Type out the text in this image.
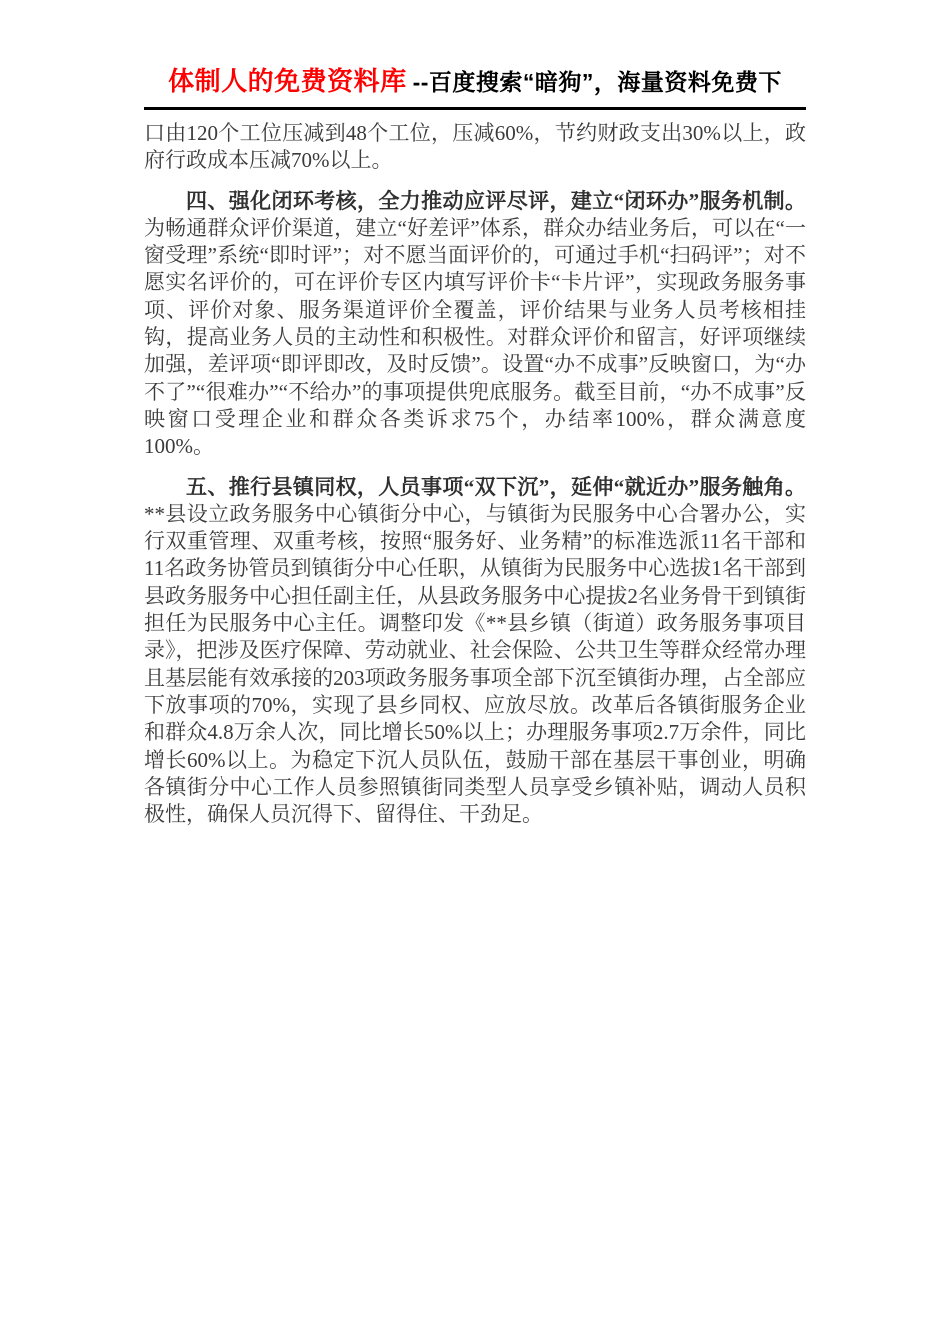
体制人的免费资料库 --百度搜索“暗狗”，海量资料免费下

口由120个工位压减到48个工位，压减60%，节约财政支出30%以上，政府行政成本压减70%以上。

四、强化闭环考核，全力推动应评尽评，建立“闭环办”服务机制。为畅通群众评价渠道，建立“好差评”体系，群众办结业务后，可以在“一窗受理”系统“即时评”；对不愿当面评价的，可通过手机“扫码评”；对不愿实名评价的，可在评价专区内填写评价卡“卡片评”，实现政务服务事项、评价对象、服务渠道评价全覆盖，评价结果与业务人员考核相挂钩，提高业务人员的主动性和积极性。对群众评价和留言，好评项继续加强，差评项“即评即改，及时反馈”。设置“办不成事”反映窗口，为“办不了”“很难办”“不给办”的事项提供兜底服务。截至目前，“办不成事”反映窗口受理企业和群众各类诉求75个，办结率100%，群众满意度100%。

五、推行县镇同权，人员事项“双下沉”，延伸“就近办”服务触角。**县设立政务服务中心镇街分中心，与镇街为民服务中心合署办公，实行双重管理、双重考核，按照“服务好、业务精”的标准选派11名干部和11名政务协管员到镇街分中心任职，从镇街为民服务中心选拔1名干部到县政务服务中心担任副主任，从县政务服务中心提拔2名业务骨干到镇街担任为民服务中心主任。调整印发《**县乡镇（街道）政务服务事项目录》，把涉及医疗保障、劳动就业、社会保险、公共卫生等群众经常办理且基层能有效承接的203项政务服务事项全部下沉至镇街办理，占全部应下放事项的70%，实现了县乡同权、应放尽放。改革后各镇街服务企业和群众4.8万余人次，同比增长50%以上；办理服务事项2.7万余件，同比增长60%以上。为稳定下沉人员队伍，鼓励干部在基层干事创业，明确各镇街分中心工作人员参照镇街同类型人员享受乡镇补贴，调动人员积极性，确保人员沉得下、留得住、干劲足。
